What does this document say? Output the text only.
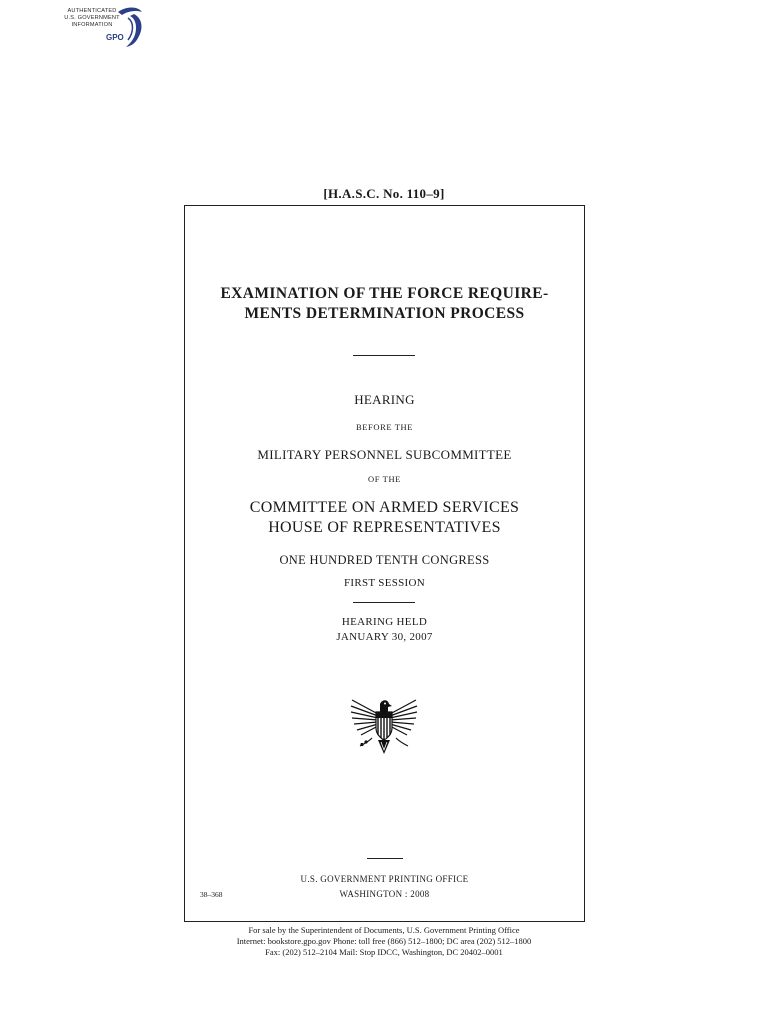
AUTHENTICATED
U.S. GOVERNMENT
INFORMATION
GPO
[H.A.S.C. No. 110–9]
EXAMINATION OF THE FORCE REQUIRE-
MENTS DETERMINATION PROCESS
HEARING
BEFORE THE
MILITARY PERSONNEL SUBCOMMITTEE
OF THE
COMMITTEE ON ARMED SERVICES
HOUSE OF REPRESENTATIVES
ONE HUNDRED TENTH CONGRESS
FIRST SESSION
HEARING HELD
JANUARY 30, 2007
U.S. GOVERNMENT PRINTING OFFICE
WASHINGTON : 2008
38–368
For sale by the Superintendent of Documents, U.S. Government Printing Office
Internet: bookstore.gpo.gov Phone: toll free (866) 512–1800; DC area (202) 512–1800
Fax: (202) 512–2104 Mail: Stop IDCC, Washington, DC 20402–0001
